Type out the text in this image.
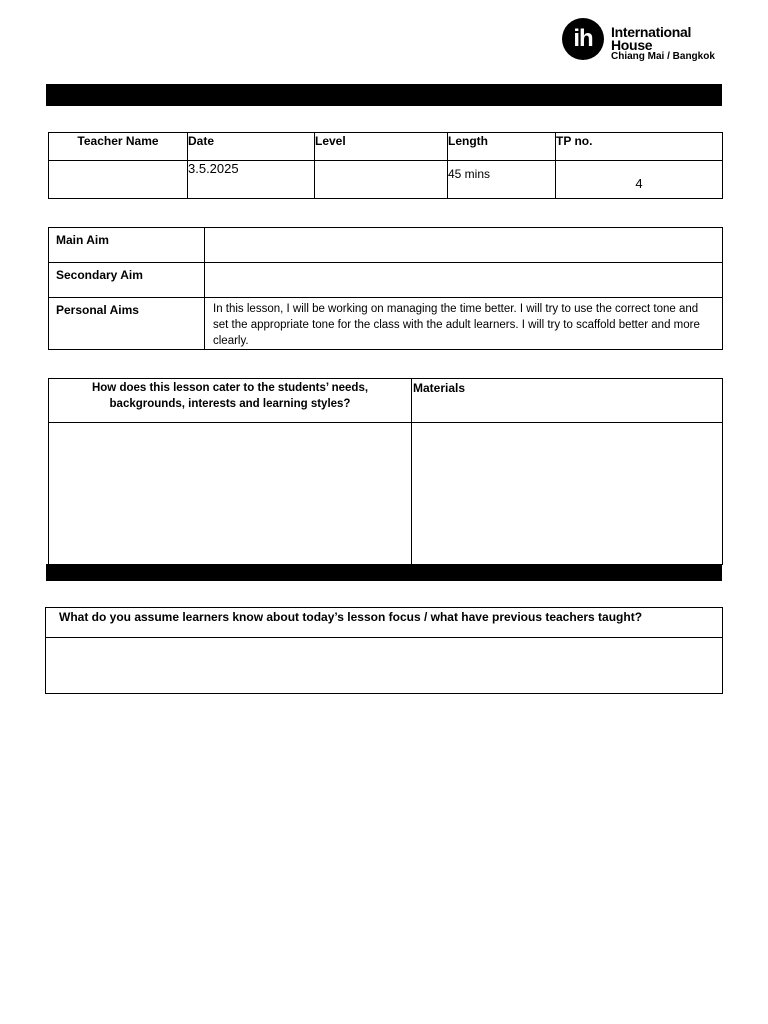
ih	International
House
Chiang Mai / Bangkok
Teacher Name	Date	Level	Length	TP no.
	3.5.2025		45 mins	4
Main Aim	
Secondary Aim	
Personal Aims	In this lesson, I will be working on managing the time better. I will try to use the correct tone and set the appropriate tone for the class with the adult learners. I will try to scaffold better and more clearly.
How does this lesson cater to the students’ needs, backgrounds, interests and learning styles?	Materials

What do you assume learners know about today’s lesson focus / what have previous teachers taught?
